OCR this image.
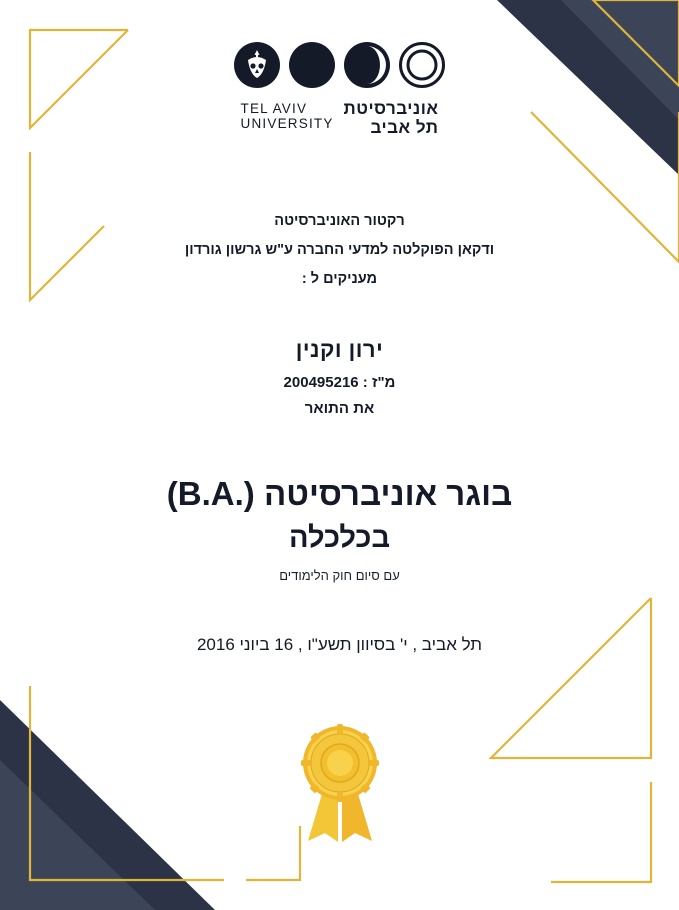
אוניברסיטת
תל אביב
TEL AVIV
UNIVERSITY
רקטור האוניברסיטה
ודקאן הפוקלטה למדעי החברה ע"ש גרשון גורדון
מעניקים ל :
ירון וקנין
מ"ז : 200495216
את התואר
בוגר אוניברסיטה (.B.A)
בכלכלה
עם סיום חוק הלימודים
תל אביב , י' בסיוון תשע"ו , 16 ביוני 2016
